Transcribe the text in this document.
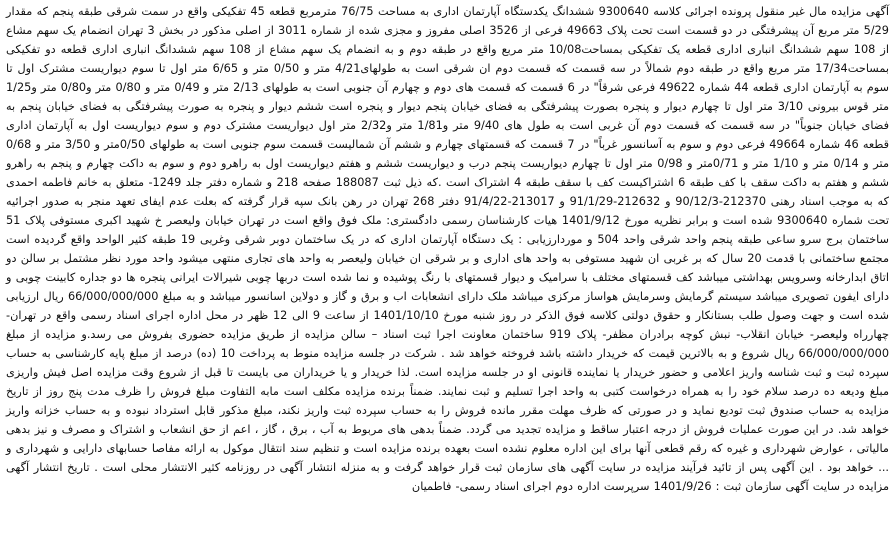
آگهی مزایده مال غیر منقول پرونده اجرائی کلاسه 9300640 ششدانگ یکدستگاه آپارتمان اداری به مساحت 76/75 مترمربع قطعه 45 تفکیکی واقع در سمت شرقی طبقه پنجم که مقدار 5/29 متر مربع آن پیشرفتگی در دو قسمت است تحت پلاک 49663 فرعی از 3526 اصلی مفروز و مجزی شده از شماره 3011 از اصلی مذکور در بخش 3 تهران انضمام یک سهم مشاع از 108 سهم ششدانگ انباری اداری قطعه یک تفکیکی بمساحت10/08 متر مربع واقع در طبقه دوم و به انضمام یک سهم مشاع از 108 سهم ششدانگ انباری اداری قطعه دو تفکیکی بمساحت17/34 متر مربع واقع در طبقه دوم شمالاً در سه قسمت که قسمت دوم ان شرقی است به طولهای4/21 متر و 0/50 متر و 6/65 متر اول تا سوم دیواریست مشترک اول تا سوم به آپارتمان اداری قطعه 44 شماره 49622 فرعی شرقاً" در 6 قسمت که قسمت های دوم و چهارم آن جنوبی است به طولهای 2/13 متر و 0/49 متر و 0/80 متر و0/80 متر و1/25 متر قوس بیرونی 3/10 متر اول تا چهارم دیوار و پنجره بصورت پیشرفتگی به فضای خیابان پنجم دیوار و پنجره است ششم دیوار و پنجره به صورت پیشرفتگی به فضای خیابان پنجم به فضای خیابان جنوباً" در سه قسمت که قسمت دوم آن غربی است به طول های 9/40 متر و1/81 متر و2/32 متر اول دیواریست مشترک دوم و سوم دیواریست اول به آپارتمان اداری قطعه 46 شماره 49664 فرعی دوم و سوم به آسانسور غرباً" در 7 قسمت که قسمتهای چهارم و ششم آن شمالیست قسمت سوم جنوبی است به طولهای 0/50متر و 3/50 متر و 0/68 متر و 0/14 متر و 1/10 متر و 0/71متر و 0/98 متر اول تا چهارم دیواریست پنجم درب و دیواریست ششم و هفتم دیواریست اول به راهرو دوم و سوم به داکت چهارم و پنجم به راهرو ششم و هفتم به داکت سقف با کف طبقه 6 اشتراکیست کف با سقف طبقه 4 اشتراک است .که ذیل ثبت 188087 صفحه 218 و شماره دفتر جلد 1249- متعلق به خانم فاطمه احمدی که به موجب اسناد رهنی 212370-90/12/3 و 212632-91/1/29 و 213017-91/4/22 دفتر 268 تهران در رهن بانک سپه قرار گرفته که بعلت عدم ایفای تعهد منجر به صدور اجرائیه تحت شماره 9300640 شده است و برابر نظریه مورخ 1401/9/12 هیات کارشناسان رسمی دادگستری: ملک فوق واقع است در تهران خیابان ولیعصر خ شهید اکبری مستوفی پلاک 51 ساختمان برج سرو ساعی طبقه پنجم واحد شرقی واحد 504 و موردارزیابی : یک دستگاه آپارتمان اداری که در یک ساختمان دوبر شرقی وغربی 19 طبقه کثیر الواحد واقع گردیده است مجتمع ساختمانی با قدمت 20 سال که بر غربی ان شهید مستوفی به واحد های اداری و بر شرقی ان خیابان ولیعصر به واحد های تجاری منتهی میشود واحد مورد نظر مشتمل بر سالن دو اتاق ابدارخانه وسرویس بهداشتی میباشد کف قسمتهای مختلف با سرامیک و دیوار قسمتهای با رنگ پوشیده و نما شده است دربها چوبی شیرالات ایرانی پنجره ها دو جداره کابینت چوبی و دارای ایفون تصویری میباشد سیستم گرمایش وسرمایش هواساز مرکزی میباشد ملک دارای انشعابات اب و برق و گاز و دولاین اسانسور میباشد و به مبلغ 66/000/000/000 ریال ارزیابی شده است و جهت وصول طلب بستانکار و حقوق دولتی کلاسه فوق الذکر در روز شنبه مورخ 1401/10/10 از ساعت 9 الی 12 ظهر در محل اداره اجرای اسناد رسمی واقع در تهران- چهارراه ولیعصر- خیابان انقلاب- نبش کوچه برادران مظفر- پلاک 919 ساختمان معاونت اجرا ثبت اسناد – سالن مزایده از طریق مزایده حضوری بفروش می رسد.و مزایده از مبلغ 66/000/000/000 ریال شروع و به بالاترین قیمت که خریدار داشته باشد فروخته خواهد شد . شرکت در جلسه مزایده منوط به پرداخت 10 (ده) درصد از مبلغ پایه کارشناسی به حساب سپرده ثبت و ثبت شناسه واریز اعلامی و حضور خریدار یا نماینده قانونی او در جلسه مزایده است. لذا خریدار و یا خریداران می بایست تا قبل از شروع وقت مزایده اصل فیش واریزی مبلغ ودیعه ده درصد سلام خود را به همراه درخواست کتبی به واحد اجرا تسلیم و ثبت نمایند. ضمناً برنده مزایده مکلف است مابه التفاوت مبلغ فروش را ظرف مدت پنج روز از تاریخ مزایده به حساب صندوق ثبت تودیع نماید و در صورتی که ظرف مهلت مقرر مانده فروش را به حساب سپرده ثبت واریز نکند، مبلغ مذکور قابل استرداد نبوده و به حساب خزانه واریز خواهد شد. در این صورت عملیات فروش از درجه اعتبار ساقط و مزایده تجدید می گردد. ضمناً بدهی های مربوط به آب ، برق ، گاز ، اعم از حق انشعاب و اشتراک و مصرف و نیز بدهی مالیاتی ، عوارض شهرداری و غیره که رقم قطعی آنها برای این اداره معلوم نشده است بعهده برنده مزایده است و تنظیم سند انتقال موکول به ارائه مفاصا حسابهای دارایی و شهرداری و ... خواهد بود . این آگهی پس از تائید فرآیند مزایده در سایت آگهی های سازمان ثبت قرار خواهد گرفت و به منزله انتشار آگهی در روزنامه کثیر الانتشار محلی است . تاریخ انتشار آگهی مزایده در سایت آگهی سازمان ثبت : 1401/9/26 سرپرست اداره دوم اجرای اسناد رسمی- فاطمیان
